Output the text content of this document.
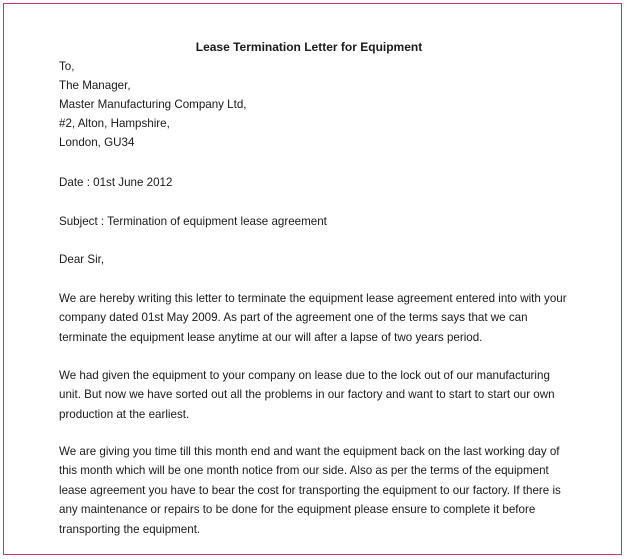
Lease Termination Letter for Equipment
To,
The Manager,
Master Manufacturing Company Ltd,
#2, Alton, Hampshire,
London, GU34
Date : 01st June 2012
Subject : Termination of equipment lease agreement
Dear Sir,
We are hereby writing this letter to terminate the equipment lease agreement entered into with your
company dated 01st May 2009. As part of the agreement one of the terms says that we can
terminate the equipment lease anytime at our will after a lapse of two years period.
We had given the equipment to your company on lease due to the lock out of our manufacturing
unit. But now we have sorted out all the problems in our factory and want to start to start our own
production at the earliest.
We are giving you time till this month end and want the equipment back on the last working day of
this month which will be one month notice from our side. Also as per the terms of the equipment
lease agreement you have to bear the cost for transporting the equipment to our factory. If there is
any maintenance or repairs to be done for the equipment please ensure to complete it before
transporting the equipment.
